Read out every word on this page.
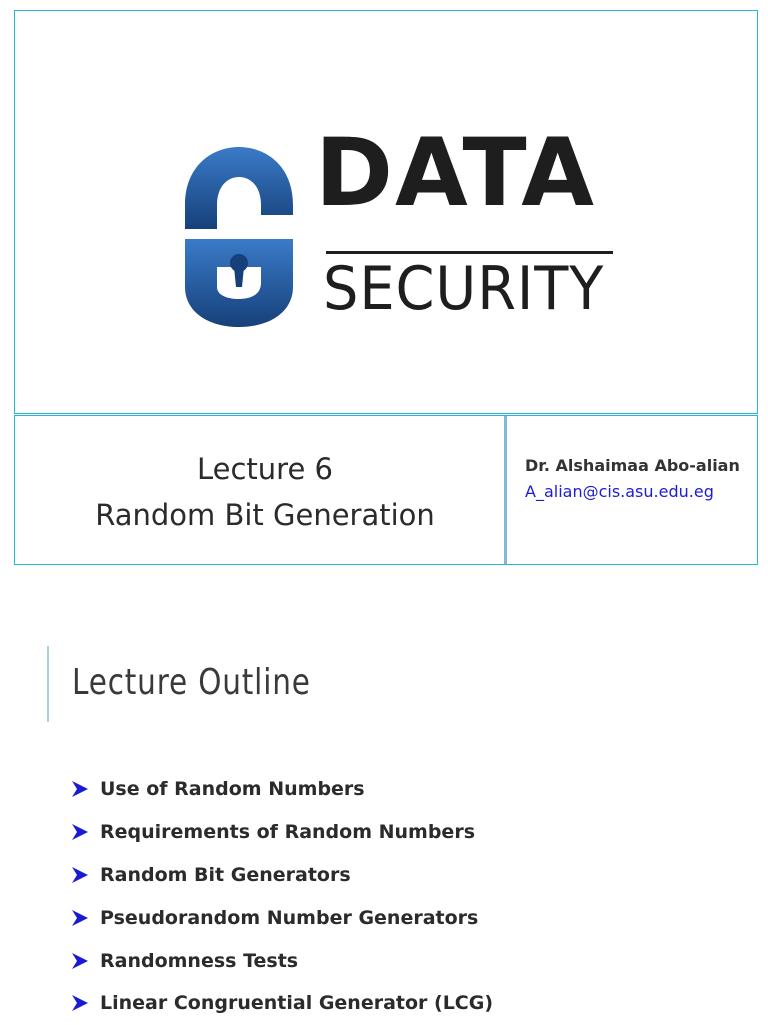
DATA
SECURITY
Lecture 6
Random Bit Generation
Dr. Alshaimaa Abo-alian
A_alian@cis.asu.edu.eg
Lecture Outline
Use of Random Numbers
Requirements of Random Numbers
Random Bit Generators
Pseudorandom Number Generators
Randomness Tests
Linear Congruential Generator (LCG)
